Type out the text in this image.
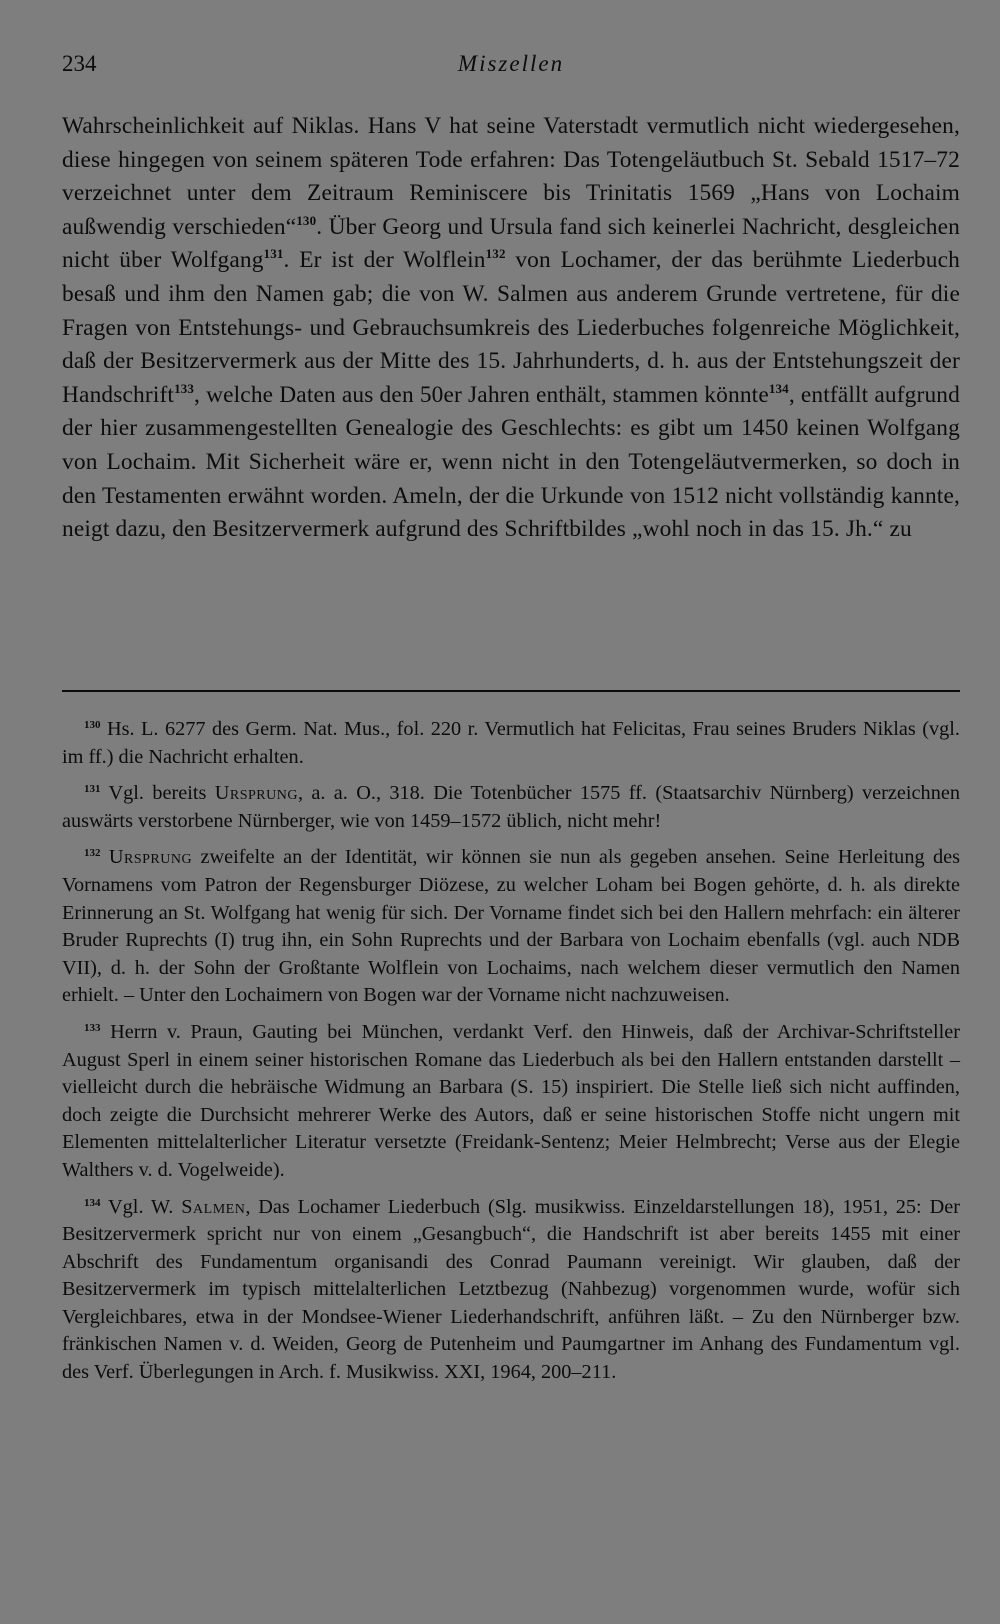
234	Miszellen
Wahrscheinlichkeit auf Niklas. Hans V hat seine Vaterstadt vermutlich nicht wiedergesehen, diese hingegen von seinem späteren Tode erfahren: Das Totengeläutbuch St. Sebald 1517–72 verzeichnet unter dem Zeitraum Reminiscere bis Trinitatis 1569 „Hans von Lochaim außwendig verschieden“$^{130}$. Über Georg und Ursula fand sich keinerlei Nachricht, desgleichen nicht über Wolfgang$^{131}$. Er ist der Wolflein$^{132}$ von Lochamer, der das berühmte Liederbuch besaß und ihm den Namen gab; die von W. Salmen aus anderem Grunde vertretene, für die Fragen von Entstehungs- und Gebrauchsumkreis des Liederbuches folgenreiche Möglichkeit, daß der Besitzervermerk aus der Mitte des 15. Jahrhunderts, d. h. aus der Entstehungszeit der Handschrift$^{133}$, welche Daten aus den 50er Jahren enthält, stammen könnte$^{134}$, entfällt aufgrund der hier zusammengestellten Genealogie des Geschlechts: es gibt um 1450 keinen Wolfgang von Lochaim. Mit Sicherheit wäre er, wenn nicht in den Totengeläutvermerken, so doch in den Testamenten erwähnt worden. Ameln, der die Urkunde von 1512 nicht vollständig kannte, neigt dazu, den Besitzervermerk aufgrund des Schriftbildes „wohl noch in das 15. Jh.“ zu

$^{130}$ Hs. L. 6277 des Germ. Nat. Mus., fol. 220 r. Vermutlich hat Felicitas, Frau seines Bruders Niklas (vgl. im ff.) die Nachricht erhalten.

$^{131}$ Vgl. bereits Ursprung, a. a. O., 318. Die Totenbücher 1575 ff. (Staatsarchiv Nürnberg) verzeichnen auswärts verstorbene Nürnberger, wie von 1459–1572 üblich, nicht mehr!

$^{132}$ Ursprung zweifelte an der Identität, wir können sie nun als gegeben ansehen. Seine Herleitung des Vornamens vom Patron der Regensburger Diözese, zu welcher Loham bei Bogen gehörte, d. h. als direkte Erinnerung an St. Wolfgang hat wenig für sich. Der Vorname findet sich bei den Hallern mehrfach: ein älterer Bruder Ruprechts (I) trug ihn, ein Sohn Ruprechts und der Barbara von Lochaim ebenfalls (vgl. auch NDB VII), d. h. der Sohn der Großtante Wolflein von Lochaims, nach welchem dieser vermutlich den Namen erhielt. – Unter den Lochaimern von Bogen war der Vorname nicht nachzuweisen.

$^{133}$ Herrn v. Praun, Gauting bei München, verdankt Verf. den Hinweis, daß der Archivar-Schriftsteller August Sperl in einem seiner historischen Romane das Liederbuch als bei den Hallern entstanden darstellt – vielleicht durch die hebräische Widmung an Barbara (S. 15) inspiriert. Die Stelle ließ sich nicht auffinden, doch zeigte die Durchsicht mehrerer Werke des Autors, daß er seine historischen Stoffe nicht ungern mit Elementen mittelalterlicher Literatur versetzte (Freidank-Sentenz; Meier Helmbrecht; Verse aus der Elegie Walthers v. d. Vogelweide).

$^{134}$ Vgl. W. Salmen, Das Lochamer Liederbuch (Slg. musikwiss. Einzeldarstellungen 18), 1951, 25: Der Besitzervermerk spricht nur von einem „Gesangbuch“, die Handschrift ist aber bereits 1455 mit einer Abschrift des Fundamentum organisandi des Conrad Paumann vereinigt. Wir glauben, daß der Besitzervermerk im typisch mittelalterlichen Letztbezug (Nahbezug) vorgenommen wurde, wofür sich Vergleichbares, etwa in der Mondsee-Wiener Liederhandschrift, anführen läßt. – Zu den Nürnberger bzw. fränkischen Namen v. d. Weiden, Georg de Putenheim und Paumgartner im Anhang des Fundamentum vgl. des Verf. Überlegungen in Arch. f. Musikwiss. XXI, 1964, 200–211.
